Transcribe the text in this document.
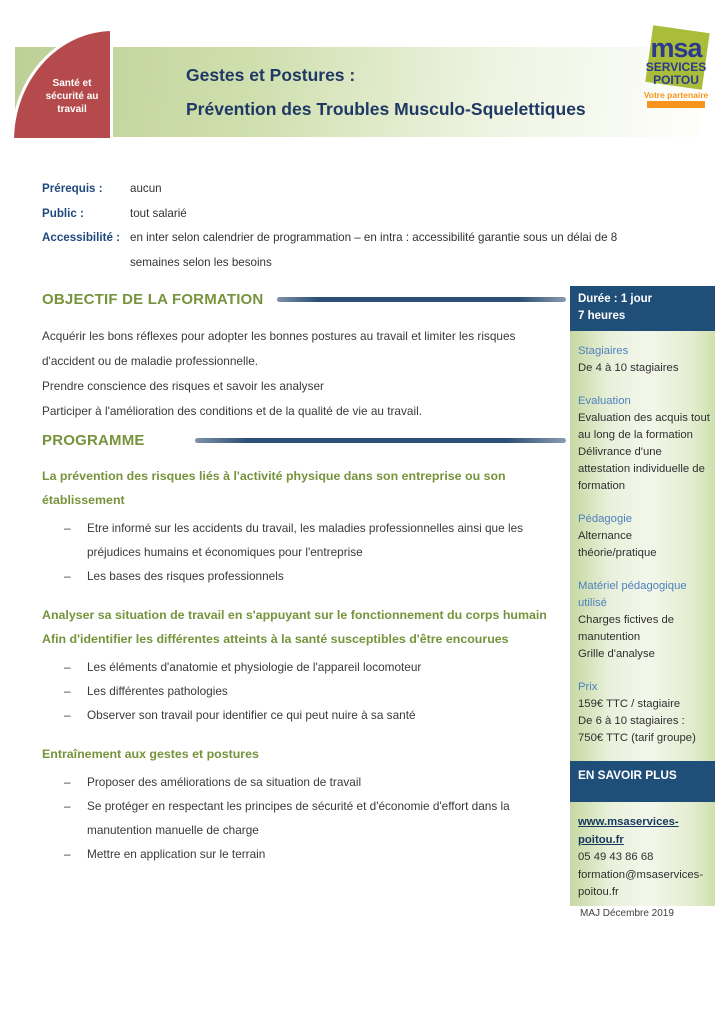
Santé et
sécurité au
travail
Gestes et Postures :
Prévention des Troubles Musculo-Squelettiques
msa
SERVICES
POITOU
Votre partenaire
Prérequis :	aucun
Public :	tout salarié
Accessibilité : en inter selon calendrier de programmation – en intra : accessibilité garantie sous un délai de 8 semaines selon les besoins
OBJECTIF DE LA FORMATION
Acquérir les bons réflexes pour adopter les bonnes postures au travail et limiter les risques d'accident ou de maladie professionnelle.
Prendre conscience des risques et savoir les analyser
Participer à l'amélioration des conditions et de la qualité de vie au travail.
PROGRAMME
La prévention des risques liés à l'activité physique dans son entreprise ou son
établissement
–
Etre informé sur les accidents du travail, les maladies professionnelles ainsi que les préjudices humains et économiques pour l'entreprise
–
Les bases des risques professionnels
Analyser sa situation de travail en s'appuyant sur le fonctionnement du corps humain
Afin d'identifier les différentes atteints à la santé susceptibles d'être encourues
–
Les éléments d'anatomie et physiologie de l'appareil locomoteur
–
Les différentes pathologies
–
Observer son travail pour identifier ce qui peut nuire à sa santé
Entraînement aux gestes et postures
–
Proposer des améliorations de sa situation de travail
–
Se protéger en respectant les principes de sécurité et d'économie d'effort dans la manutention manuelle de charge
–
Mettre en application sur le terrain
Durée : 1 jour
7 heures
Stagiaires
De 4 à 10 stagiaires
Evaluation
Evaluation des acquis tout au long de la formation
Délivrance d'une attestation individuelle de formation
Pédagogie
Alternance
théorie/pratique
Matériel pédagogique utilisé
Charges fictives de manutention
Grille d'analyse
Prix
159€ TTC / stagiaire
De 6 à 10 stagiaires :
750€ TTC (tarif groupe)
EN SAVOIR PLUS
www.msaservices-poitou.fr
05 49 43 86 68
formation@msaservices-poitou.fr
MAJ Décembre 2019
